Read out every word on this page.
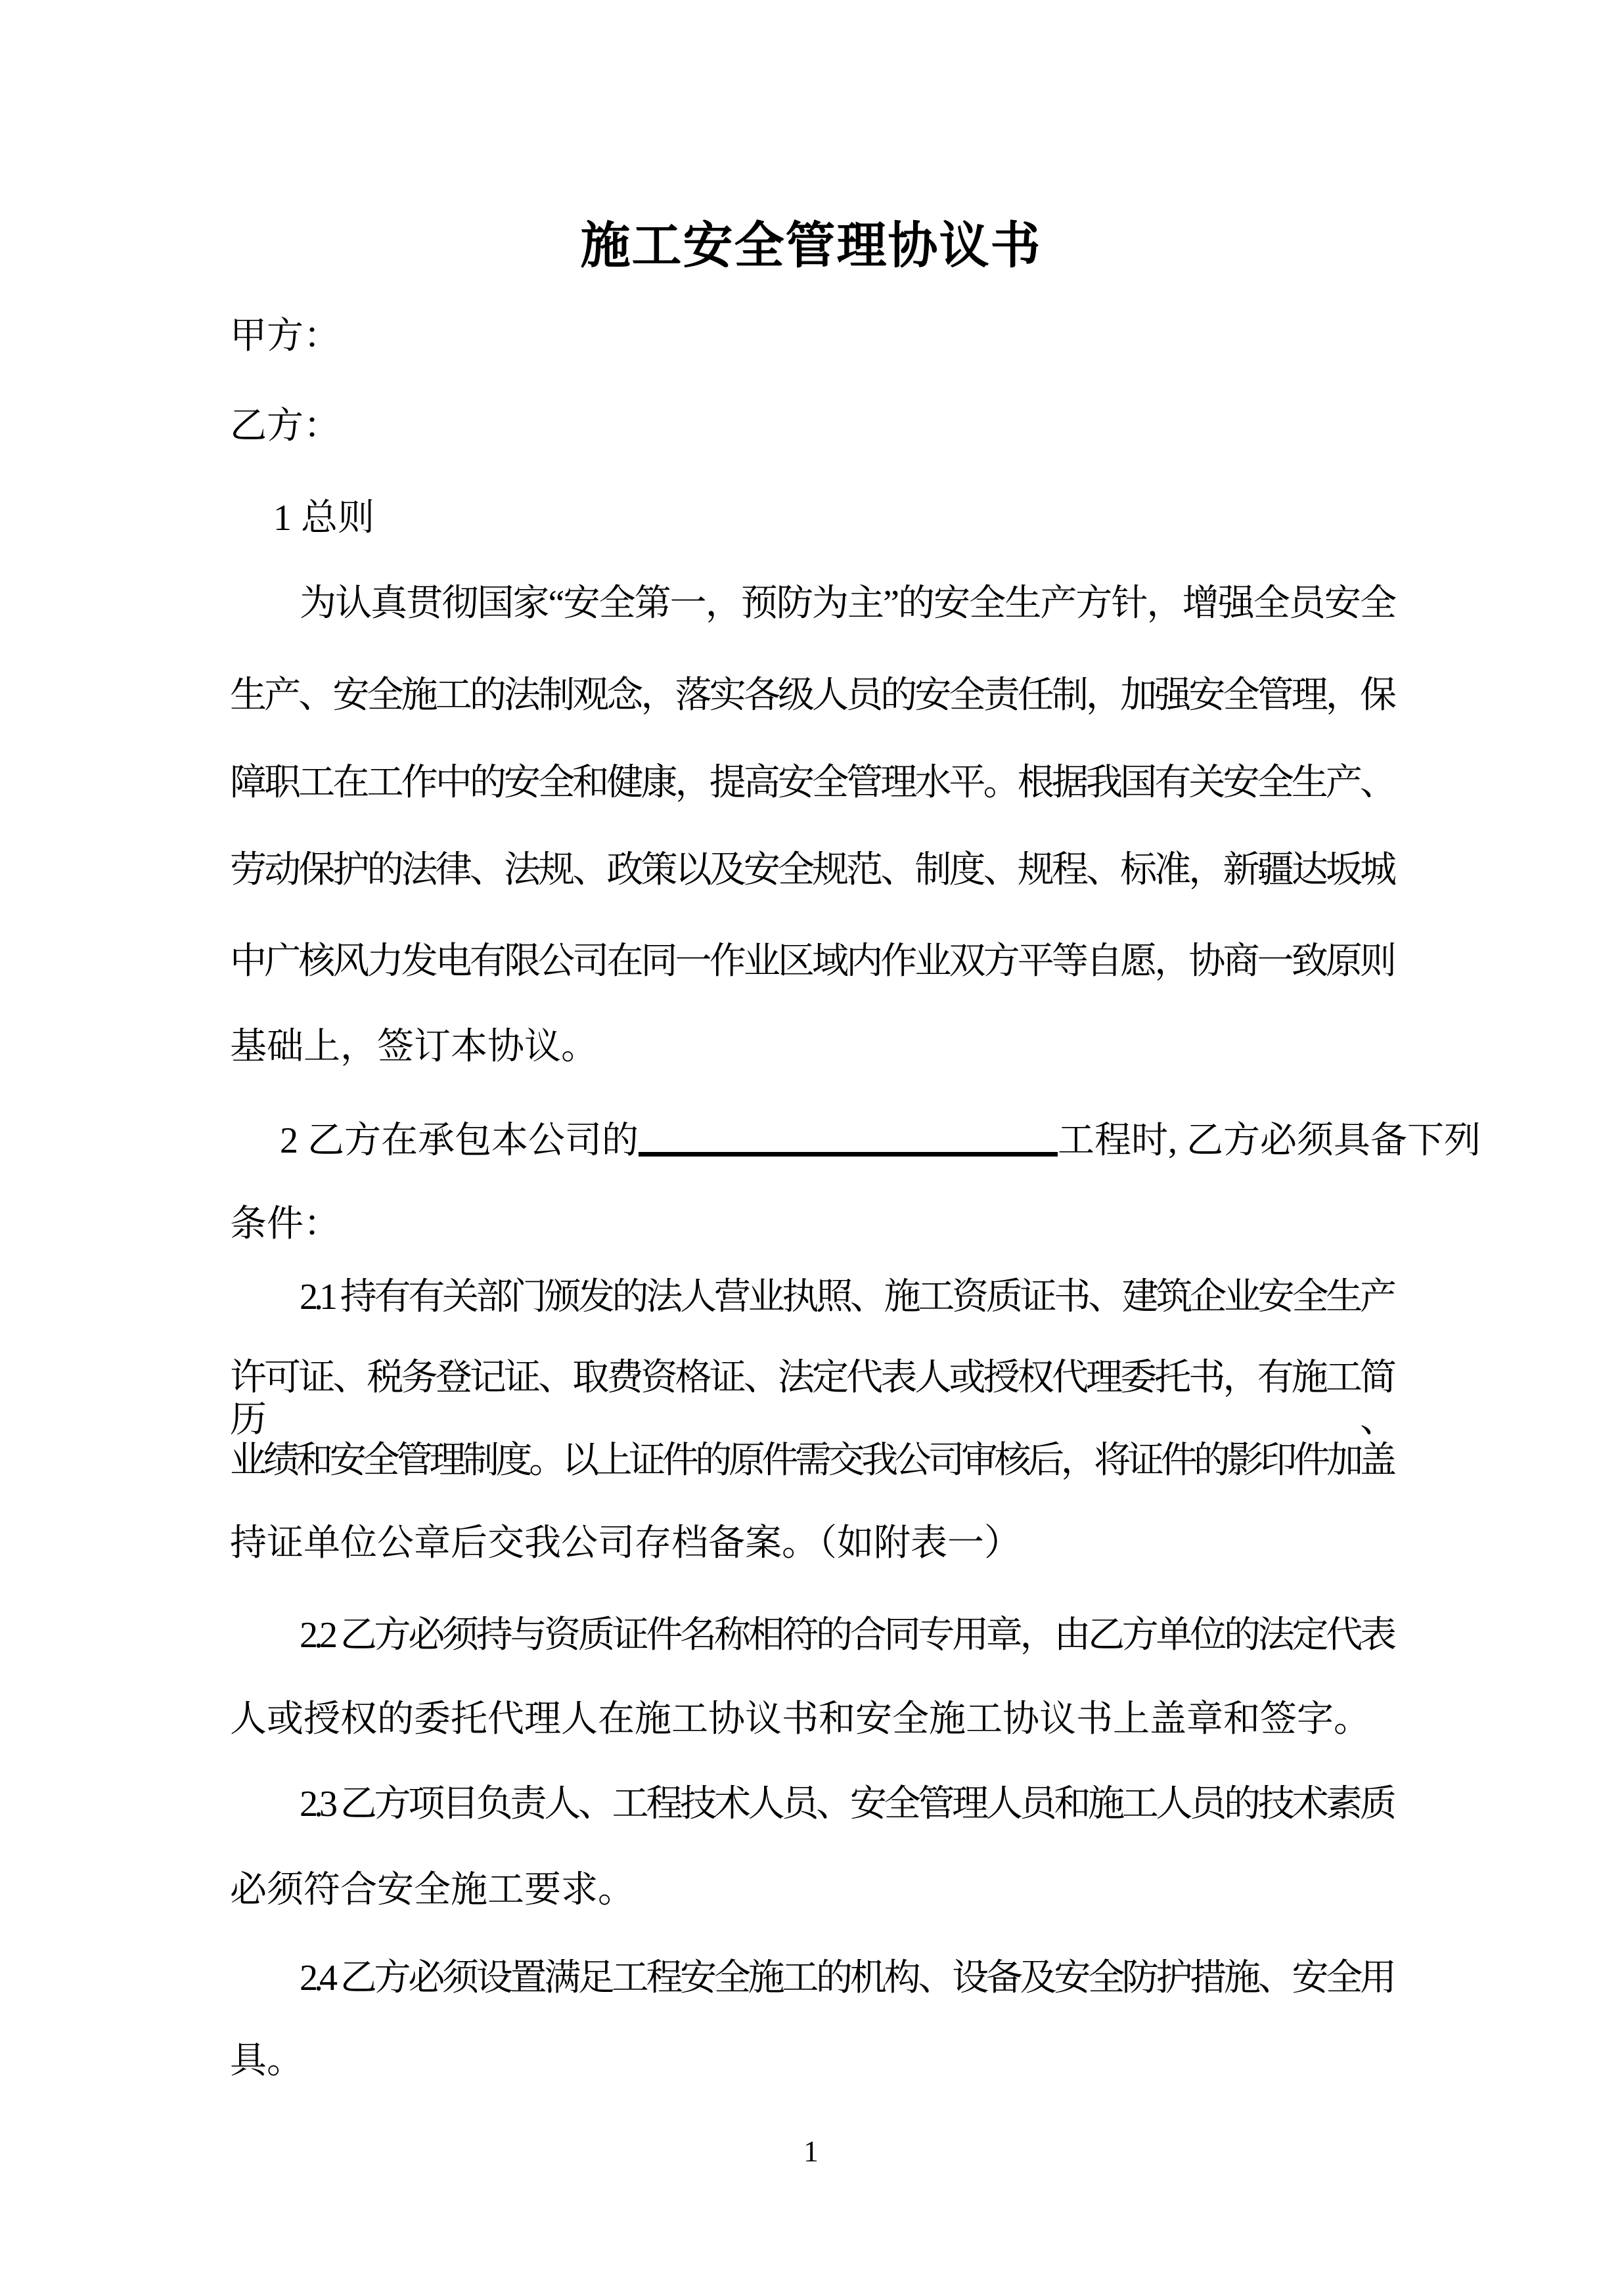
施工安全管理协议书
甲方：
乙方：
1 总则
为认真贯彻国家“安全第一，预防为主”的安全生产方针，增强全员安全
生产、安全施工的法制观念，落实各级人员的安全责任制，加强安全管理，保
障职工在工作中的安全和健康，提高安全管理水平。根据我国有关安全生产、
劳动保护的法律、法规、政策以及安全规范、制度、规程、标准，新疆达坂城
中广核风力发电有限公司在同一作业区域内作业双方平等自愿，协商一致原则
基础上，签订本协议。
2 乙方在承包本公司的	工程时, 乙方必须具备下列
条件：
2.1 持有有关部门颁发的法人营业执照、施工资质证书、建筑企业安全生产
许可证、税务登记证、取费资格证、法定代表人或授权代理委托书，有施工简历、
业绩和安全管理制度。以上证件的原件需交我公司审核后，将证件的影印件加盖
持证单位公章后交我公司存档备案。（如附表一）
2.2 乙方必须持与资质证件名称相符的合同专用章，由乙方单位的法定代表
人或授权的委托代理人在施工协议书和安全施工协议书上盖章和签字。
2.3 乙方项目负责人、工程技术人员、安全管理人员和施工人员的技术素质
必须符合安全施工要求。
2.4 乙方必须设置满足工程安全施工的机构、设备及安全防护措施、安全用
具。
1
